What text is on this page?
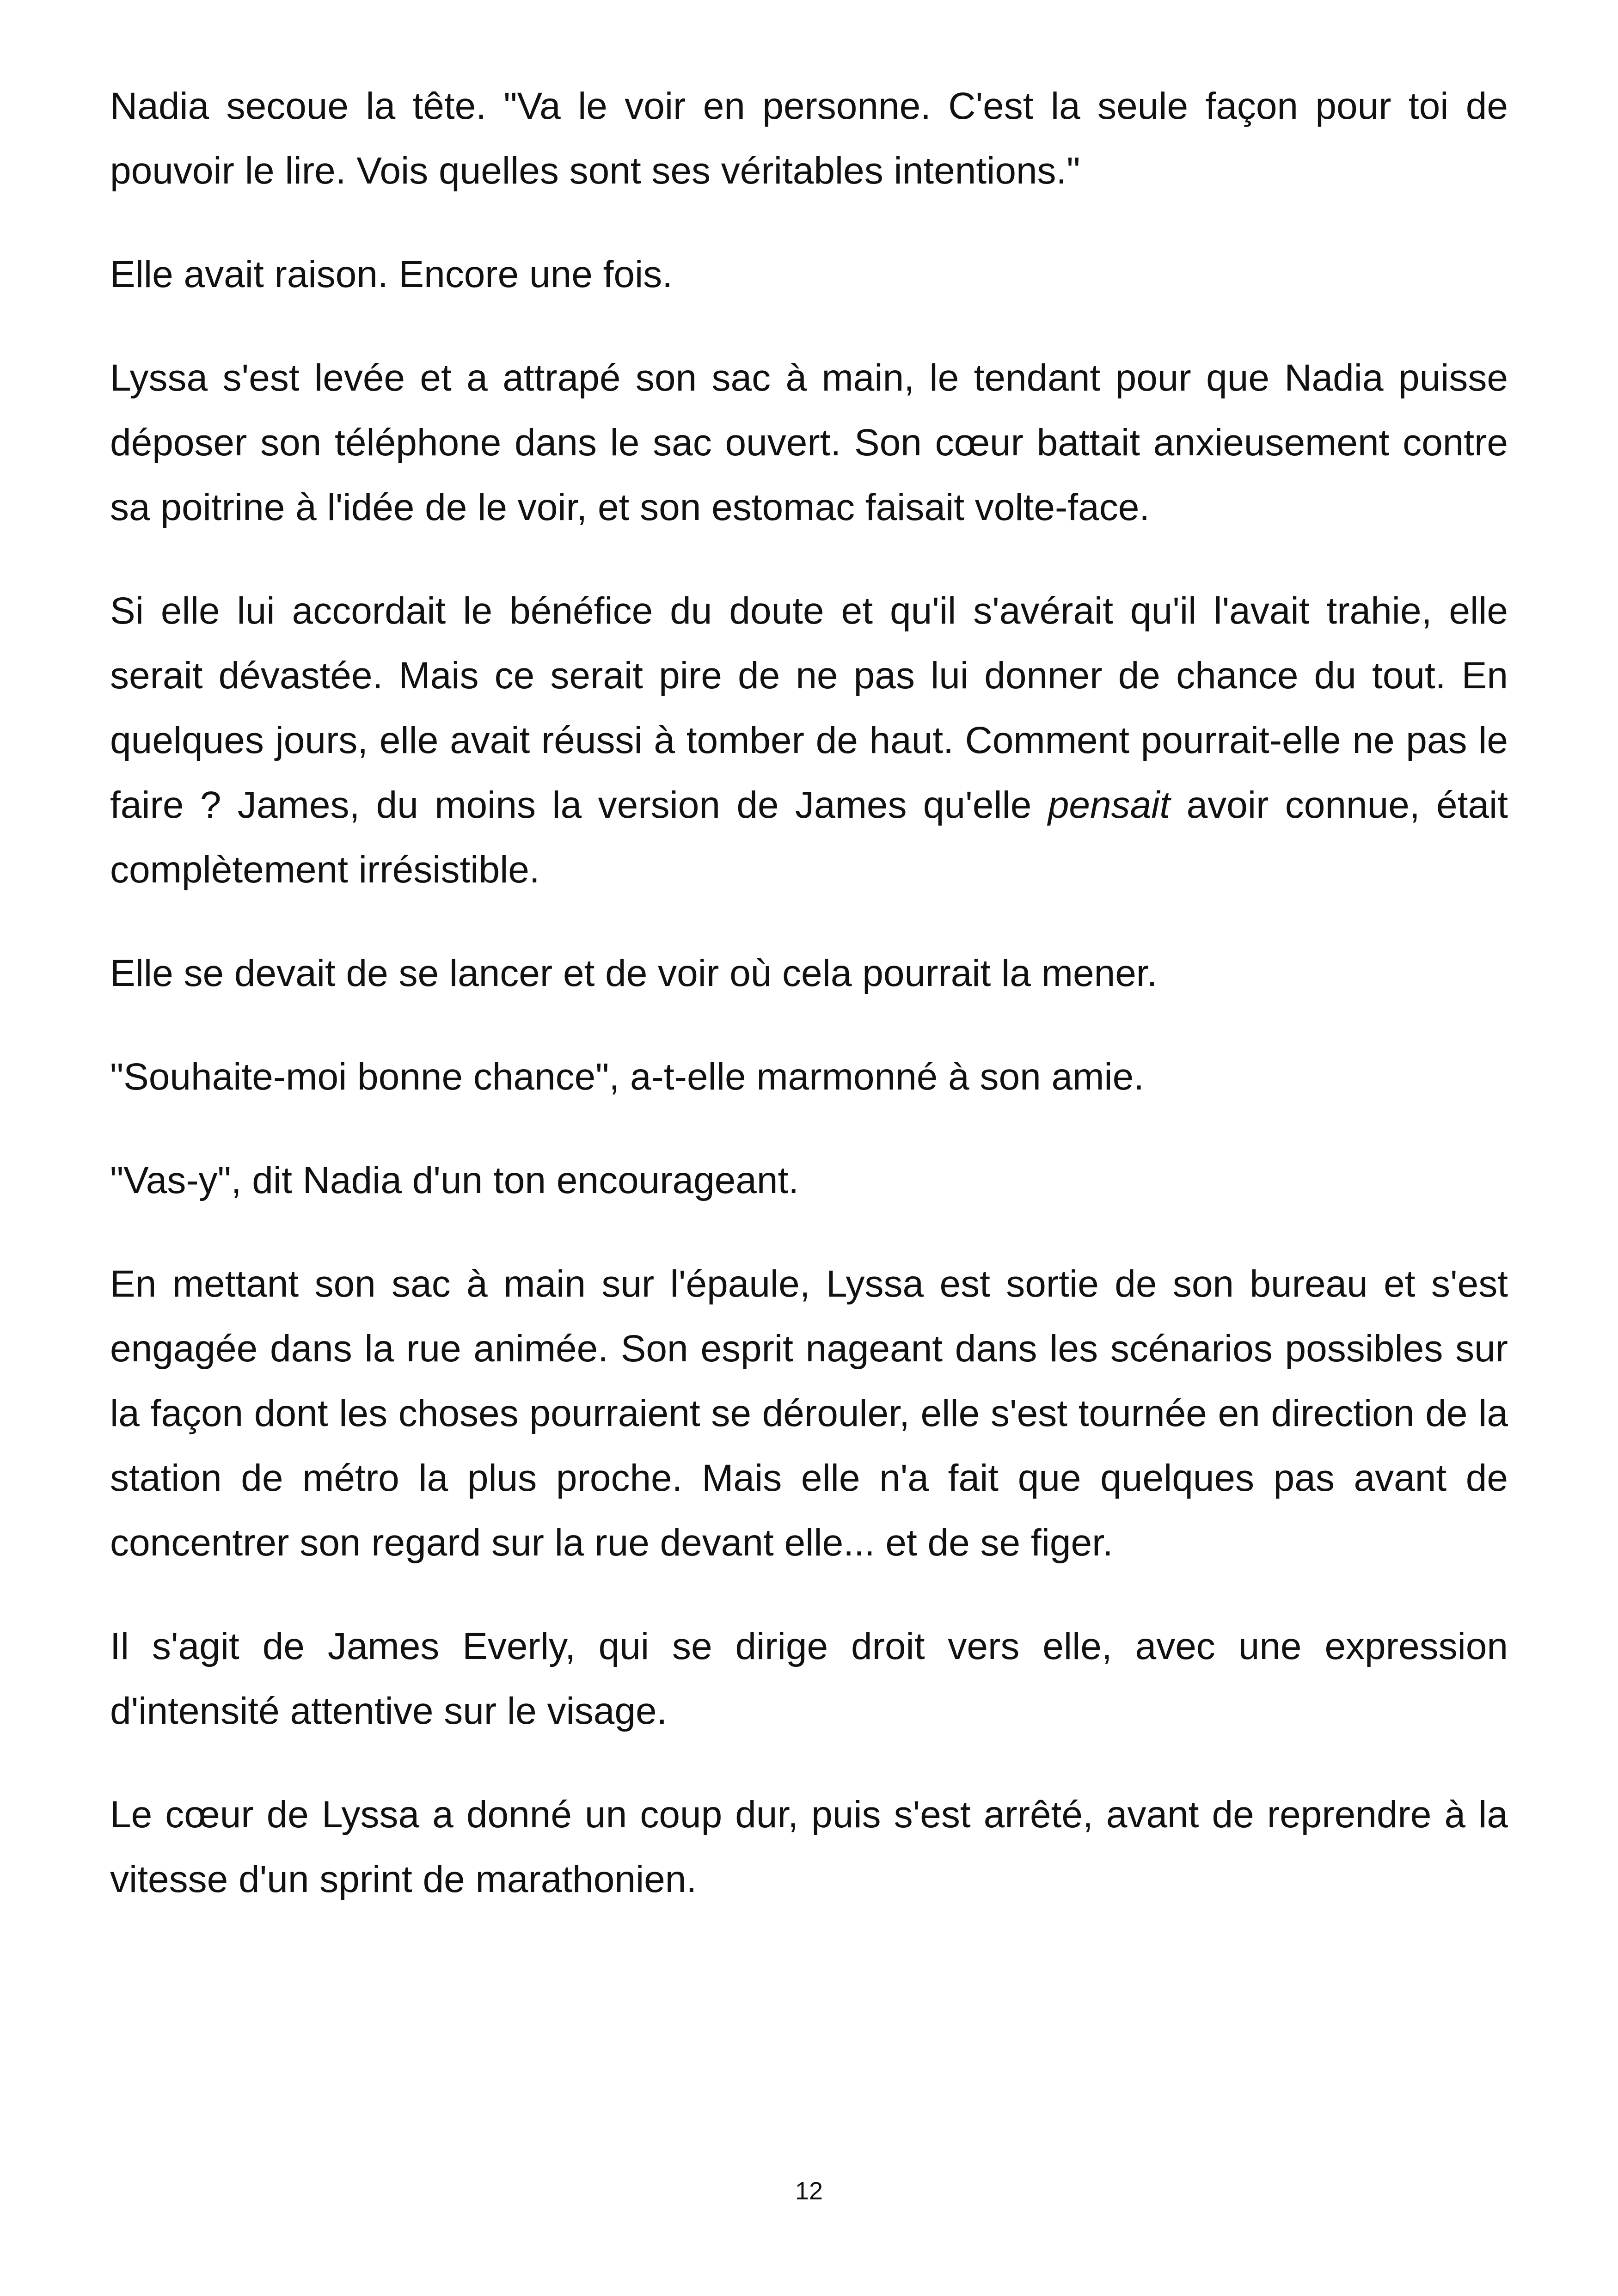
Nadia secoue la tête. "Va le voir en personne. C'est la seule façon pour toi de pouvoir le lire. Vois quelles sont ses véritables intentions."

Elle avait raison. Encore une fois.

Lyssa s'est levée et a attrapé son sac à main, le tendant pour que Nadia puisse déposer son téléphone dans le sac ouvert. Son cœur battait anxieusement contre sa poitrine à l'idée de le voir, et son estomac faisait volte-face.

Si elle lui accordait le bénéfice du doute et qu'il s'avérait qu'il l'avait trahie, elle serait dévastée. Mais ce serait pire de ne pas lui donner de chance du tout. En quelques jours, elle avait réussi à tomber de haut. Comment pourrait-elle ne pas le faire ? James, du moins la version de James qu'elle pensait avoir connue, était complètement irrésistible.

Elle se devait de se lancer et de voir où cela pourrait la mener.

"Souhaite-moi bonne chance", a-t-elle marmonné à son amie.

"Vas-y", dit Nadia d'un ton encourageant.

En mettant son sac à main sur l'épaule, Lyssa est sortie de son bureau et s'est engagée dans la rue animée. Son esprit nageant dans les scénarios possibles sur la façon dont les choses pourraient se dérouler, elle s'est tournée en direction de la station de métro la plus proche. Mais elle n'a fait que quelques pas avant de concentrer son regard sur la rue devant elle... et de se figer.

Il s'agit de James Everly, qui se dirige droit vers elle, avec une expression d'intensité attentive sur le visage.

Le cœur de Lyssa a donné un coup dur, puis s'est arrêté, avant de reprendre à la vitesse d'un sprint de marathonien.

12
